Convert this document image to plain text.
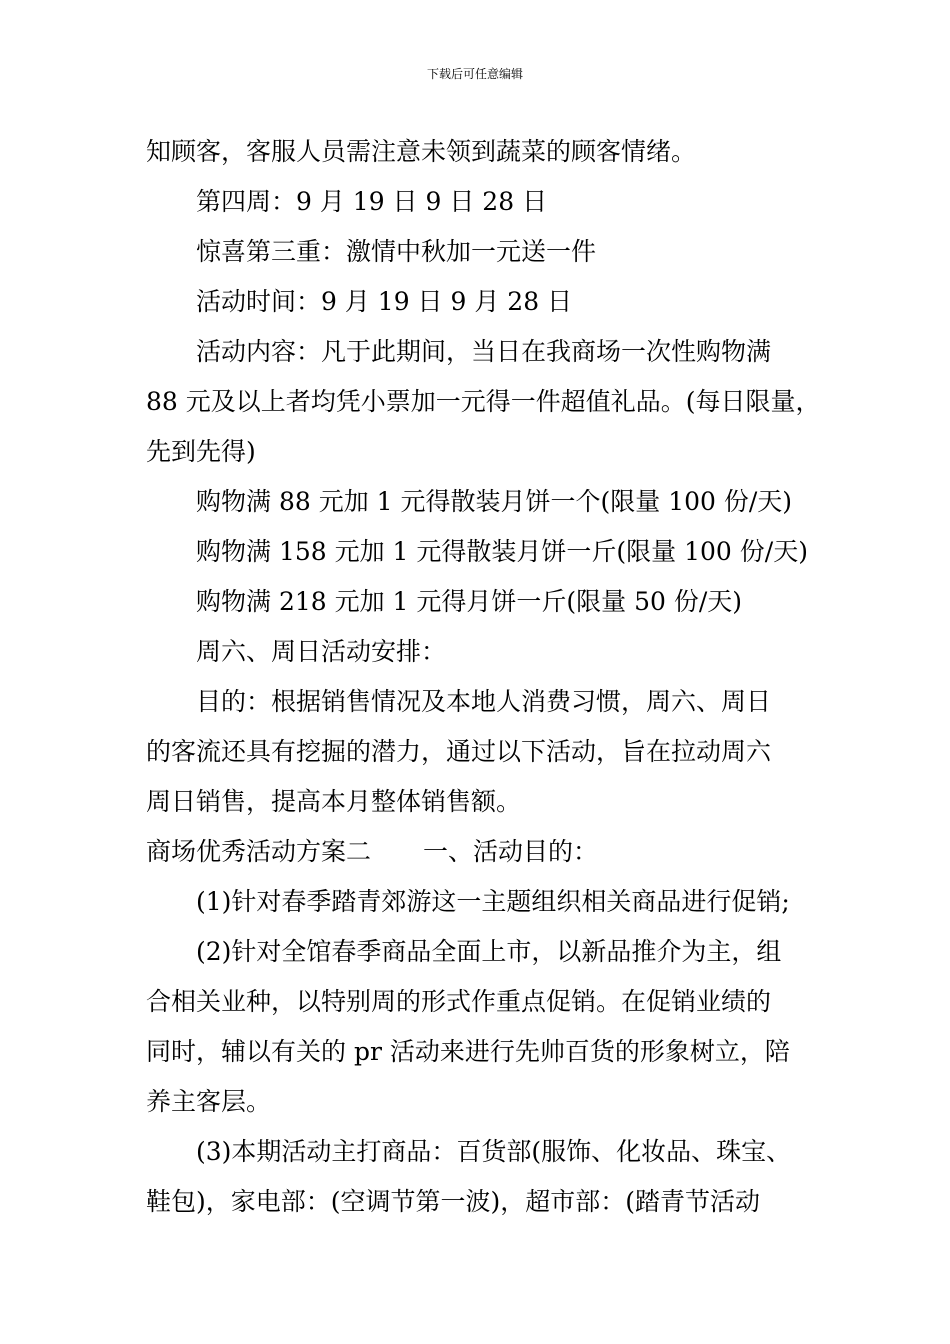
下载后可任意编辑
知顾客，客服人员需注意未领到蔬菜的顾客情绪。
第四周：9 月 19 日 9 日 28 日
惊喜第三重：激情中秋加一元送一件
活动时间：9 月 19 日 9 月 28 日
活动内容：凡于此期间，当日在我商场一次性购物满
88 元及以上者均凭小票加一元得一件超值礼品。(每日限量，
先到先得)
购物满 88 元加 1 元得散装月饼一个(限量 100 份/天)
购物满 158 元加 1 元得散装月饼一斤(限量 100 份/天)
购物满 218 元加 1 元得月饼一斤(限量 50 份/天)
周六、周日活动安排：
目的：根据销售情况及本地人消费习惯，周六、周日
的客流还具有挖掘的潜力，通过以下活动，旨在拉动周六
周日销售，提高本月整体销售额。
商场优秀活动方案二 一、活动目的：
(1)针对春季踏青郊游这一主题组织相关商品进行促销;
(2)针对全馆春季商品全面上市，以新品推介为主，组
合相关业种，以特别周的形式作重点促销。在促销业绩的
同时，辅以有关的 pr 活动来进行先帅百货的形象树立，陪
养主客层。
(3)本期活动主打商品：百货部(服饰、化妆品、珠宝、
鞋包)，家电部：(空调节第一波)，超市部：(踏青节活动
